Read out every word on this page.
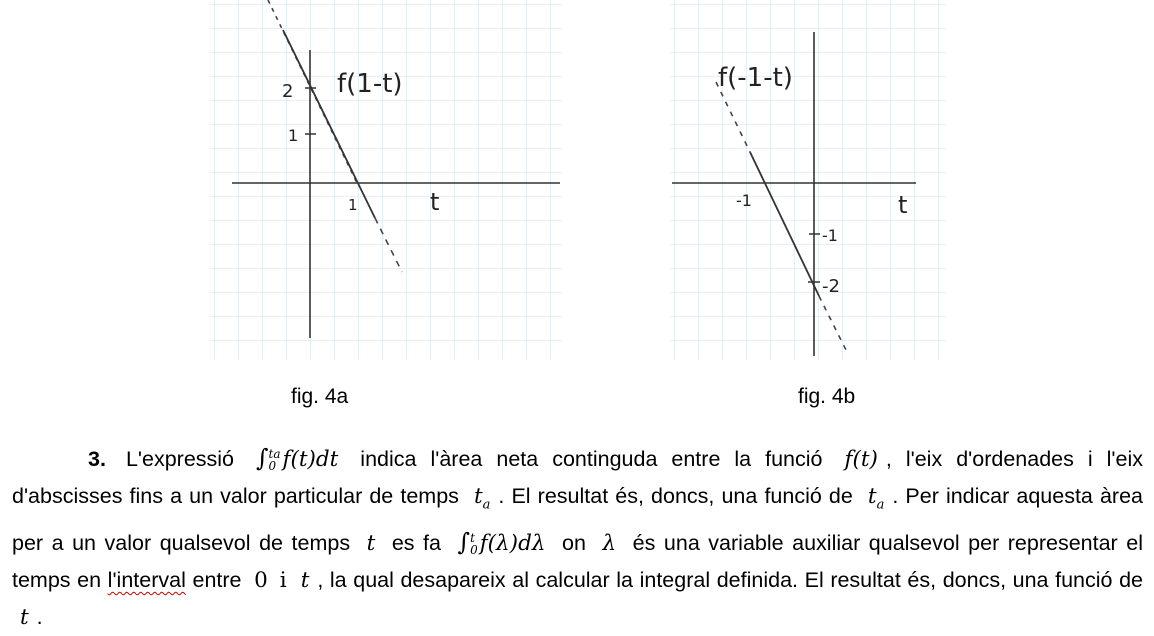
f(1-t)
t
1
2
1
f(-1-t)
t
-1
-1
-2
fig. 4a	fig. 4b

3. L'expressió ∫ ta
0 f(t)dt indica l'àrea neta continguda entre la funció f(t) , l'eix d'ordenades i l'eix d'abscisses fins a un valor particular de temps $t_a$ . El resultat és, doncs, una funció de $t_a$ . Per indicar aquesta àrea per a un valor qualsevol de temps t es fa ∫ t
0 f(λ)dλ on λ és una variable auxiliar qualsevol per representar el temps en l'interval entre 0 i t , la qual desapareix al calcular la integral definida. El resultat és, doncs, una funció de t .
